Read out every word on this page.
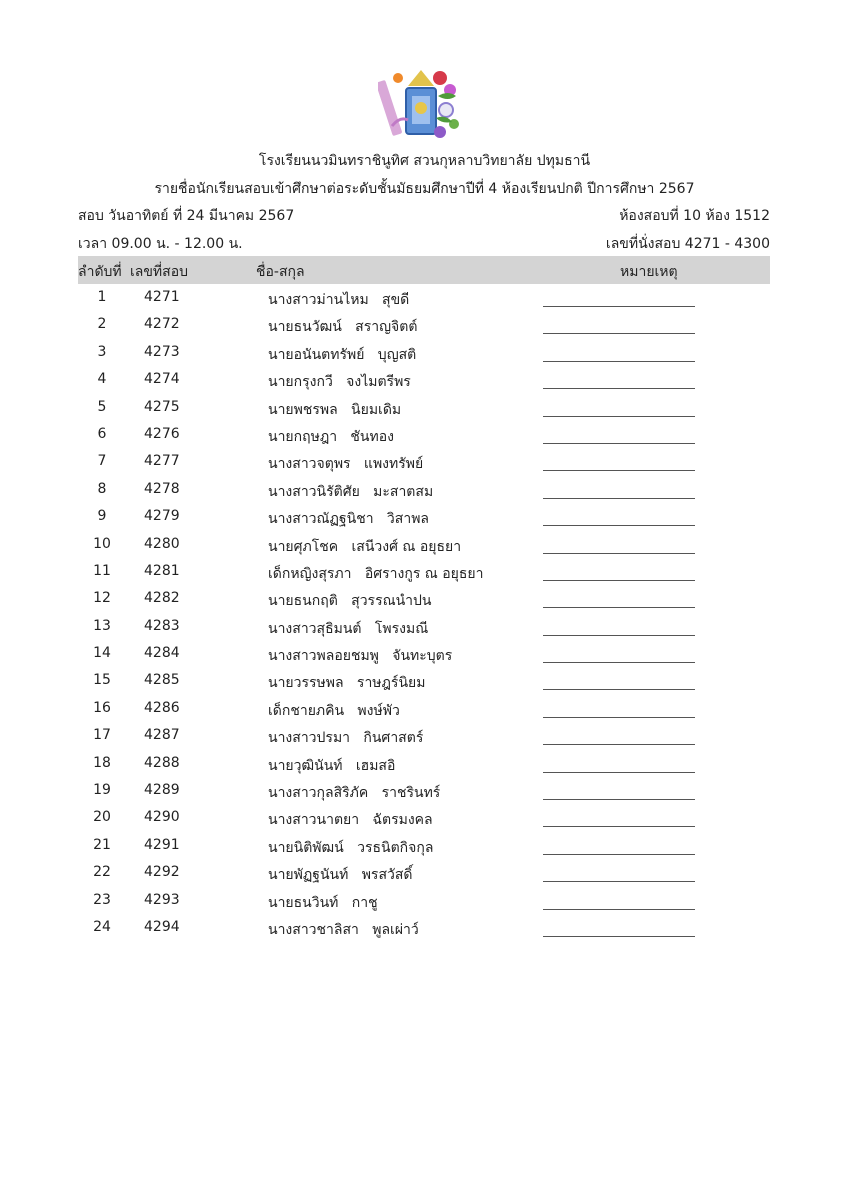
โรงเรียนนวมินทราชินูทิศ สวนกุหลาบวิทยาลัย ปทุมธานี
รายชื่อนักเรียนสอบเข้าศึกษาต่อระดับชั้นมัธยมศึกษาปีที่ 4 ห้องเรียนปกติ ปีการศึกษา 2567
สอบ วันอาทิตย์ ที่ 24 มีนาคม 2567	ห้องสอบที่ 10 ห้อง 1512
เวลา 09.00 น. - 12.00 น.	เลขที่นั่งสอบ 4271 - 4300
ลำดับที่ เลขที่สอบ	ชื่อ-สกุล	หมายเหตุ
1	4271	นางสาวม่านไหม   สุขดี
2	4272	นายธนวัฒน์   สราญจิตต์
3	4273	นายอนันตทรัพย์   บุญสติ
4	4274	นายกรุงกวี   จงไมตรีพร
5	4275	นายพชรพล   นิยมเดิม
6	4276	นายกฤษฎา   ชันทอง
7	4277	นางสาวจตุพร   แพงทรัพย์
8	4278	นางสาวนิรัติศัย   มะสาตสม
9	4279	นางสาวณัฏฐนิชา   วิสาพล
10	4280	นายศุภโชค   เสนีวงศ์ ณ อยุธยา
11	4281	เด็กหญิงสุรภา   อิศรางกูร ณ อยุธยา
12	4282	นายธนกฤติ   สุวรรณนำปน
13	4283	นางสาวสุธิมนต์   โพรงมณี
14	4284	นางสาวพลอยชมพู   จันทะบุตร
15	4285	นายวรรษพล   ราษฎร์นิยม
16	4286	เด็กชายภคิน   พงษ์พัว
17	4287	นางสาวปรมา   กินศาสตร์
18	4288	นายวุฒินันท์   เฮมสอิ
19	4289	นางสาวกุลสิริภัค   ราชรินทร์
20	4290	นางสาวนาตยา   ฉัตรมงคล
21	4291	นายนิติพัฒน์   วรธนิตกิจกุล
22	4292	นายพัฏฐนันท์   พรสวัสดิ์
23	4293	นายธนวินท์   กาชู
24	4294	นางสาวชาลิสา   พูลเผ่าว์
